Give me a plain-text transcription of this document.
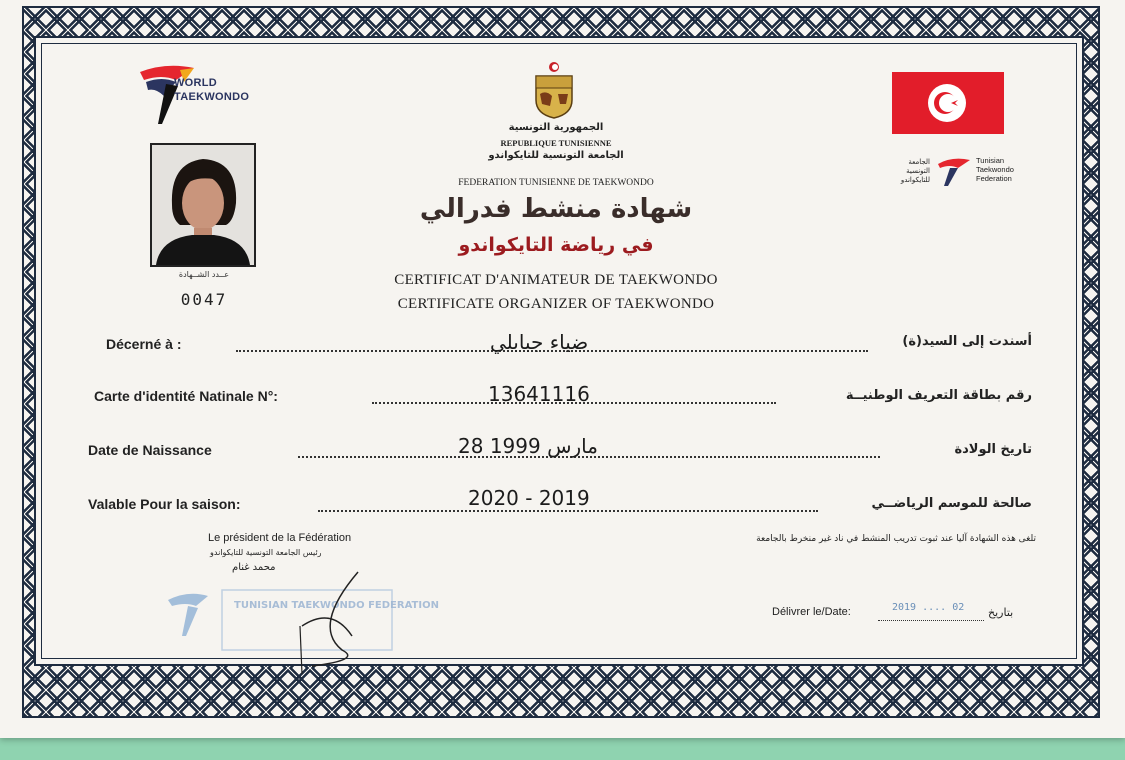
WORLD
TAEKWONDO
عــدد الشــهادة
0047
الجمهورية التونسية
REPUBLIQUE TUNISIENNE
الجامعة التونسية للتايكواندو
FEDERATION TUNISIENNE DE TAEKWONDO
شهادة منشط فدرالي
في رياضة التايكواندو
CERTIFICAT D'ANIMATEUR DE TAEKWONDO
CERTIFICATE ORGANIZER OF TAEKWONDO
الجامعة
التونسية
للتايكواندو
Tunisian
Taekwondo
Federation
Décerné à :	ضياء جبابلي	أسندت إلى السيد(ة)
Carte d'identité Natinale N°:	13641116	رقم بطاقة التعريف الوطنيــة
Date de Naissance	28 مارس 1999	تاريخ الولادة
Valable Pour la saison:	2020 - 2019	صالحة للموسم الرياضــي
تلغى هذه الشهادة آليا عند ثبوت تدريب المنشط في ناد غير منخرط بالجامعة
Le président de la Fédération
رئيس الجامعة التونسية للتايكواندو
محمد غنام
TUNISIAN TAEKWONDO FEDERATION
Délivrer le/Date:	2019 .... 02 بتاريخ
